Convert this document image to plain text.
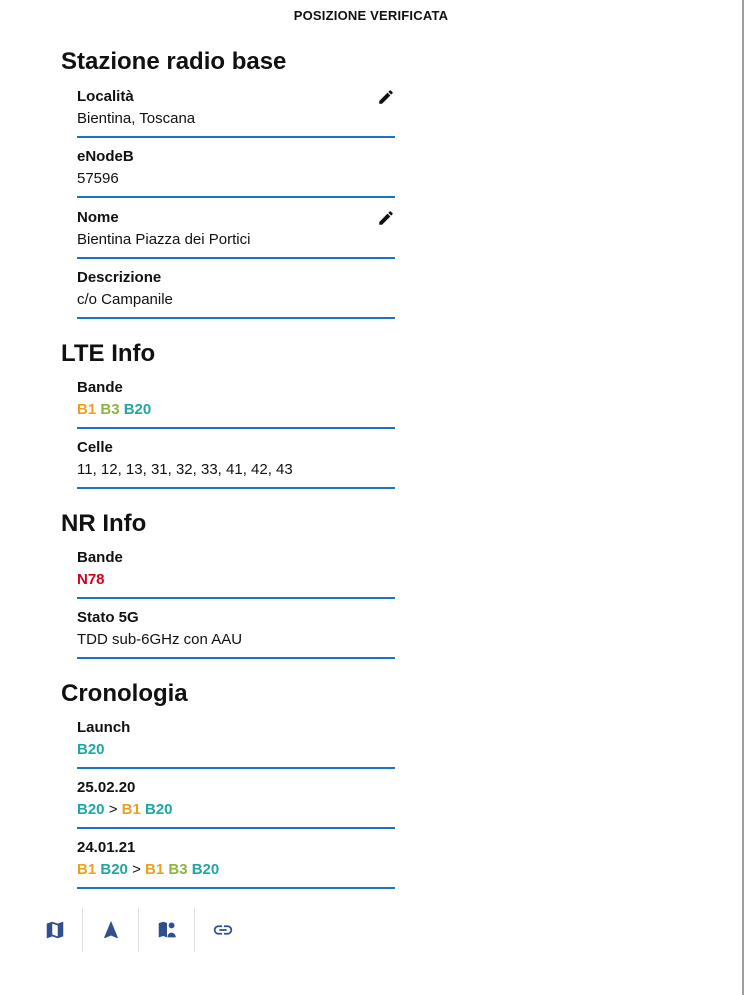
POSIZIONE VERIFICATA
Stazione radio base
Località
Bientina, Toscana
eNodeB
57596
Nome
Bientina Piazza dei Portici
Descrizione
c/o Campanile
LTE Info
Bande
B1 B3 B20
Celle
11, 12, 13, 31, 32, 33, 41, 42, 43
NR Info
Bande
N78
Stato 5G
TDD sub-6GHz con AAU
Cronologia
Launch
B20
25.02.20
B20 > B1 B20
24.01.21
B1 B20 > B1 B3 B20
